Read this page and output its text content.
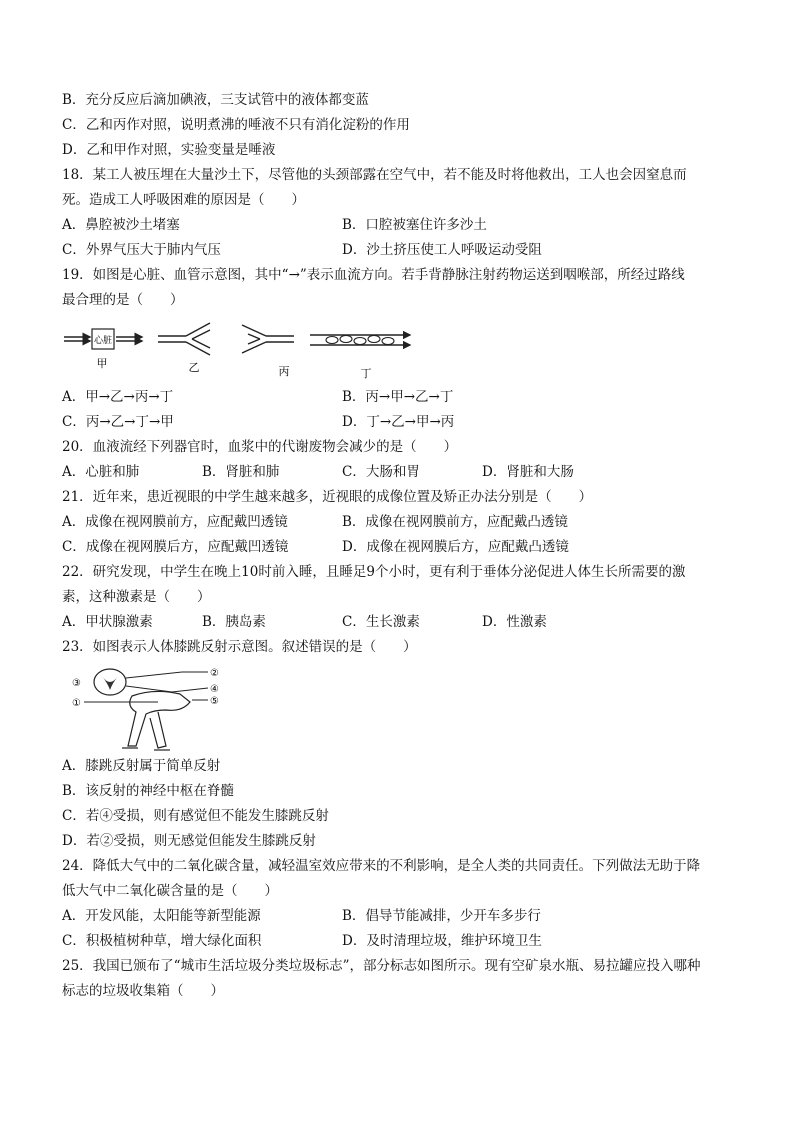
B．充分反应后滴加碘液，三支试管中的液体都变蓝
C．乙和丙作对照，说明煮沸的唾液不只有消化淀粉的作用
D．乙和甲作对照，实验变量是唾液
18．某工人被压埋在大量沙土下，尽管他的头颈部露在空气中，若不能及时将他救出，工人也会因窒息而
死。造成工人呼吸困难的原因是（　　）
A．鼻腔被沙土堵塞	B．口腔被塞住许多沙土
C．外界气压大于肺内气压	D．沙土挤压使工人呼吸运动受阻
19．如图是心脏、血管示意图，其中“→”表示血流方向。若手背静脉注射药物运送到咽喉部，所经过路线
最合理的是（　　）
心脏
甲	乙	丙	丁
A．甲→乙→丙→丁	B．丙→甲→乙→丁
C．丙→乙→丁→甲	D．丁→乙→甲→丙
20．血液流经下列器官时，血浆中的代谢废物会减少的是（　　）
A．心脏和肺	B．肾脏和肺	C．大肠和胃	D．肾脏和大肠
21．近年来，患近视眼的中学生越来越多，近视眼的成像位置及矫正办法分别是（　　）
A．成像在视网膜前方，应配戴凹透镜	B．成像在视网膜前方，应配戴凸透镜
C．成像在视网膜后方，应配戴凹透镜	D．成像在视网膜后方，应配戴凸透镜
22．研究发现，中学生在晚上10时前入睡，且睡足9个小时，更有利于垂体分泌促进人体生长所需要的激
素，这种激素是（　　）
A．甲状腺激素	B．胰岛素	C．生长激素	D．性激素
23．如图表示人体膝跳反射示意图。叙述错误的是（　　）
③
②
④
⑤
①
A．膝跳反射属于简单反射
B．该反射的神经中枢在脊髓
C．若④受损，则有感觉但不能发生膝跳反射
D．若②受损，则无感觉但能发生膝跳反射
24．降低大气中的二氧化碳含量，减轻温室效应带来的不利影响，是全人类的共同责任。下列做法无助于降
低大气中二氧化碳含量的是（　　）
A．开发风能，太阳能等新型能源	B．倡导节能减排，少开车多步行
C．积极植树种草，增大绿化面积	D．及时清理垃圾，维护环境卫生
25．我国已颁布了“城市生活垃圾分类垃圾标志”，部分标志如图所示。现有空矿泉水瓶、易拉罐应投入哪种
标志的垃圾收集箱（　　）
